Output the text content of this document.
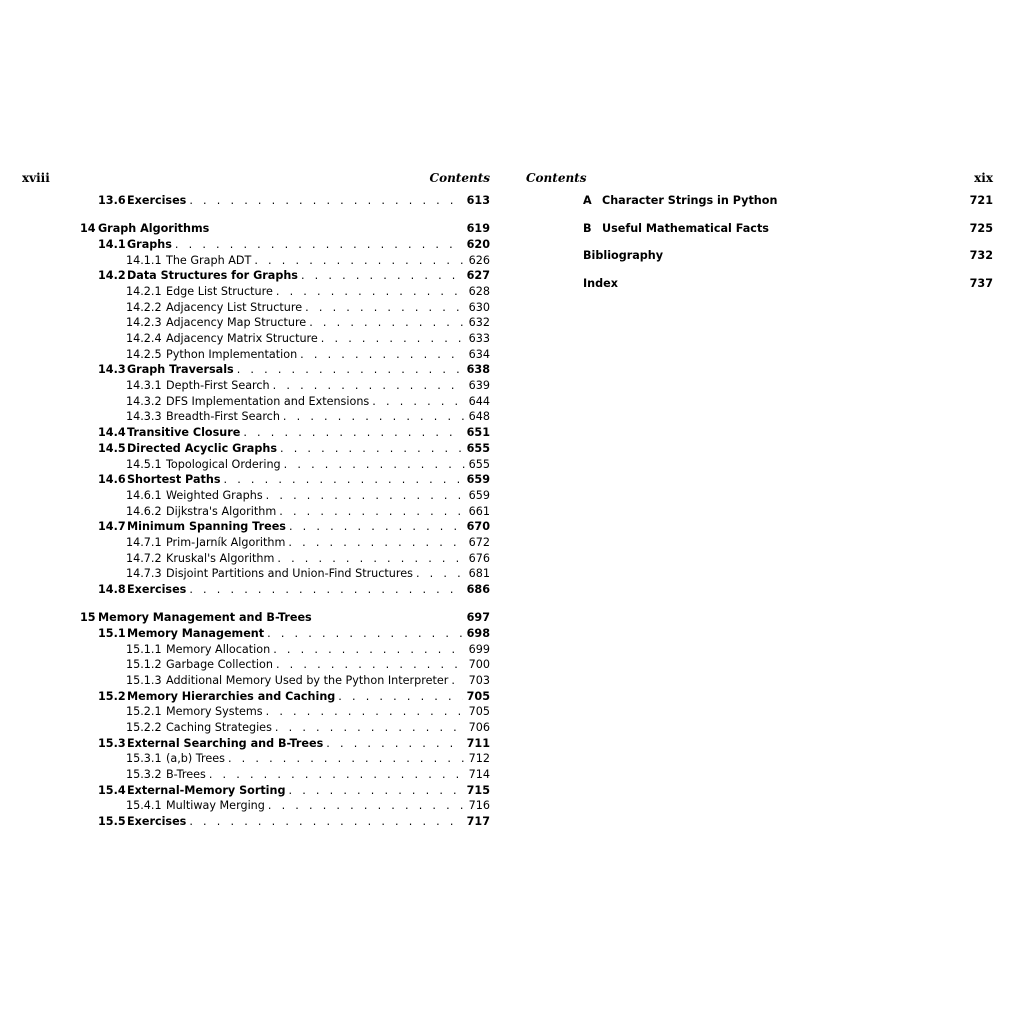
xviii	Contents
13.6 Exercises . . .	613
14 Graph Algorithms	619
14.1 Graphs . . .	620
14.1.1 The Graph ADT . . .	626
14.2 Data Structures for Graphs . . .	627
14.2.1 Edge List Structure . . .	628
14.2.2 Adjacency List Structure . . .	630
14.2.3 Adjacency Map Structure . . .	632
14.2.4 Adjacency Matrix Structure . . .	633
14.2.5 Python Implementation . . .	634
14.3 Graph Traversals . . .	638
14.3.1 Depth-First Search . . .	639
14.3.2 DFS Implementation and Extensions . . .	644
14.3.3 Breadth-First Search . . .	648
14.4 Transitive Closure . . .	651
14.5 Directed Acyclic Graphs . . .	655
14.5.1 Topological Ordering . . .	655
14.6 Shortest Paths . . .	659
14.6.1 Weighted Graphs . . .	659
14.6.2 Dijkstra's Algorithm . . .	661
14.7 Minimum Spanning Trees . . .	670
14.7.1 Prim-Jarník Algorithm . . .	672
14.7.2 Kruskal's Algorithm . . .	676
14.7.3 Disjoint Partitions and Union-Find Structures . . .	681
14.8 Exercises . . .	686
15 Memory Management and B-Trees	697
15.1 Memory Management . . .	698
15.1.1 Memory Allocation . . .	699
15.1.2 Garbage Collection . . .	700
15.1.3 Additional Memory Used by the Python Interpreter . . .	703
15.2 Memory Hierarchies and Caching . . .	705
15.2.1 Memory Systems . . .	705
15.2.2 Caching Strategies . . .	706
15.3 External Searching and B-Trees . . .	711
15.3.1 (a,b) Trees . . .	712
15.3.2 B-Trees . . .	714
15.4 External-Memory Sorting . . .	715
15.4.1 Multiway Merging . . .	716
15.5 Exercises . . .	717
Contents	xix
A Character Strings in Python	721
B Useful Mathematical Facts	725
Bibliography	732
Index	737
